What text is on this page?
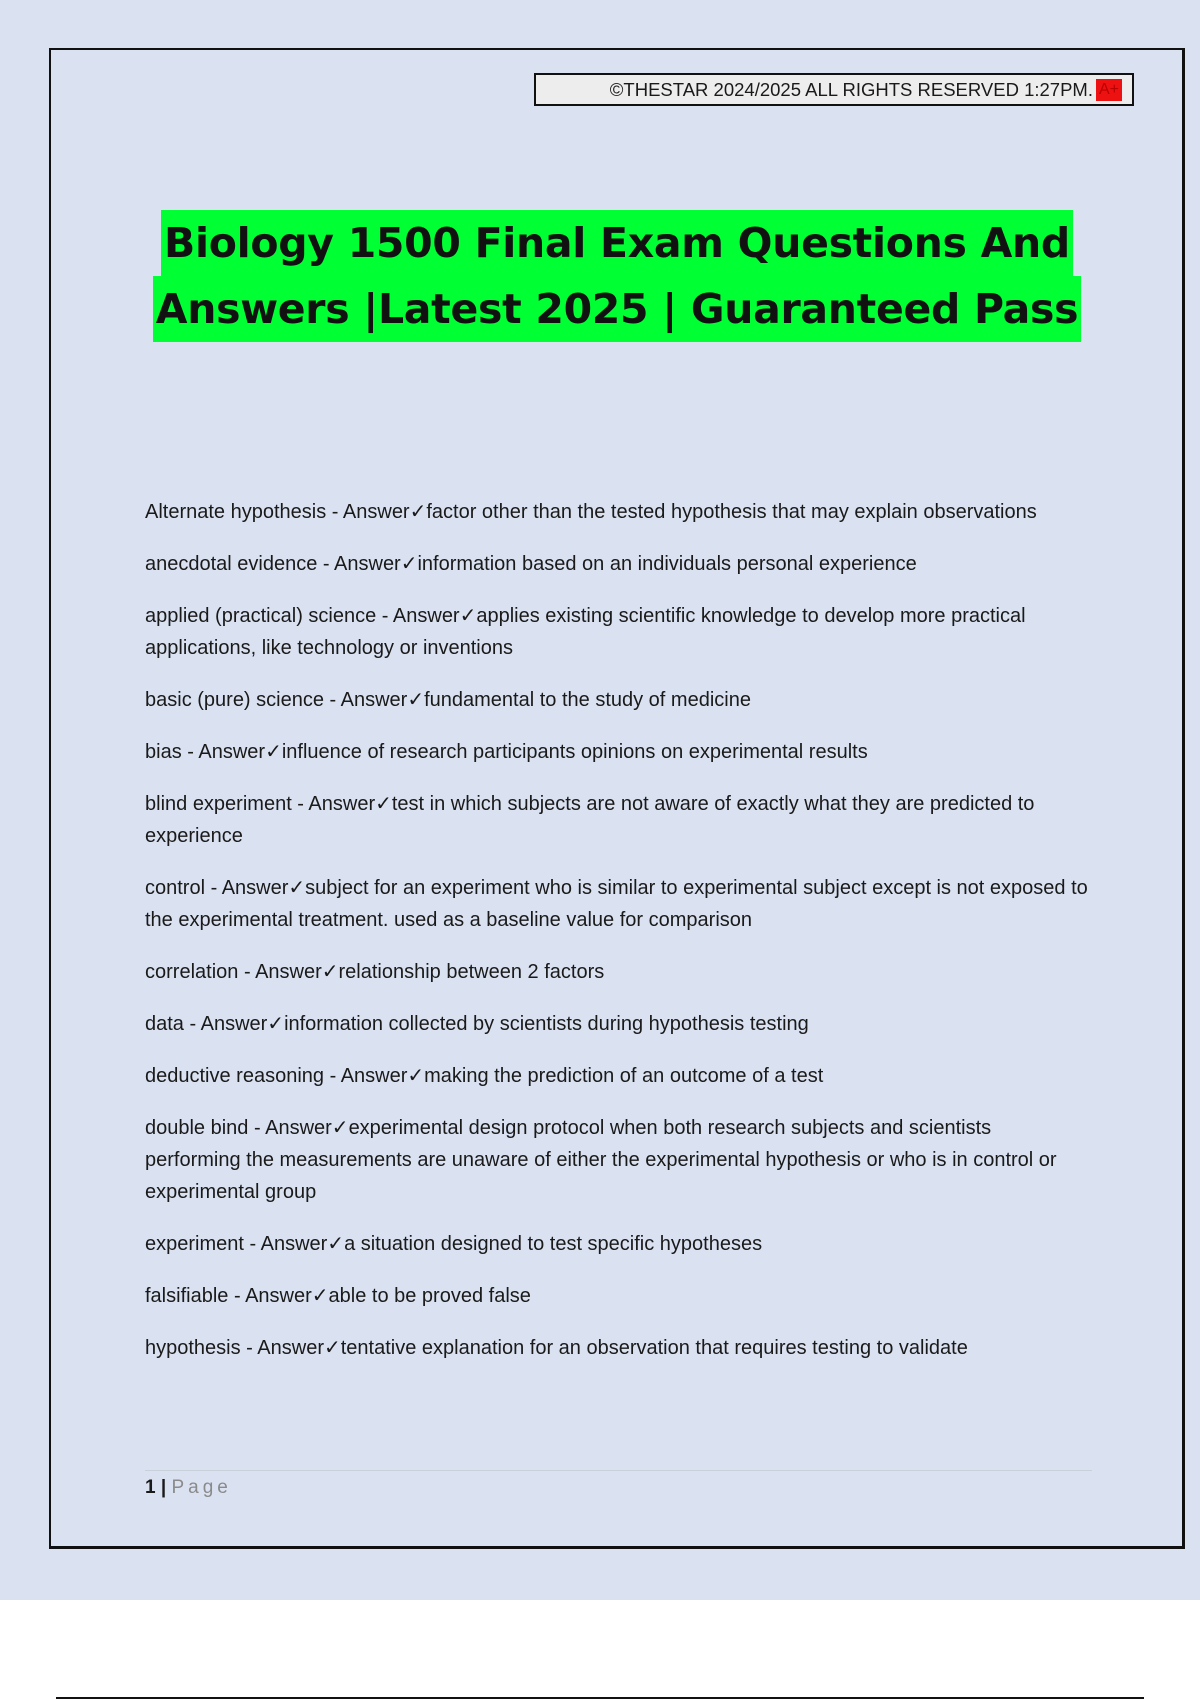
©THESTAR 2024/2025 ALL RIGHTS RESERVED 1:27PM. A+
Biology 1500 Final Exam Questions And
Answers |Latest 2025 | Guaranteed Pass
Alternate hypothesis - Answer✓factor other than the tested hypothesis that may explain observations
anecdotal evidence - Answer✓information based on an individuals personal experience
applied (practical) science - Answer✓applies existing scientific knowledge to develop more practical applications, like technology or inventions
basic (pure) science - Answer✓fundamental to the study of medicine
bias - Answer✓influence of research participants opinions on experimental results
blind experiment - Answer✓test in which subjects are not aware of exactly what they are predicted to experience
control - Answer✓subject for an experiment who is similar to experimental subject except is not exposed to the experimental treatment. used as a baseline value for comparison
correlation - Answer✓relationship between 2 factors
data - Answer✓information collected by scientists during hypothesis testing
deductive reasoning - Answer✓making the prediction of an outcome of a test
double bind - Answer✓experimental design protocol when both research subjects and scientists performing the measurements are unaware of either the experimental hypothesis or who is in control or experimental group
experiment - Answer✓a situation designed to test specific hypotheses
falsifiable - Answer✓able to be proved false
hypothesis - Answer✓tentative explanation for an observation that requires testing to validate
1 | Page
